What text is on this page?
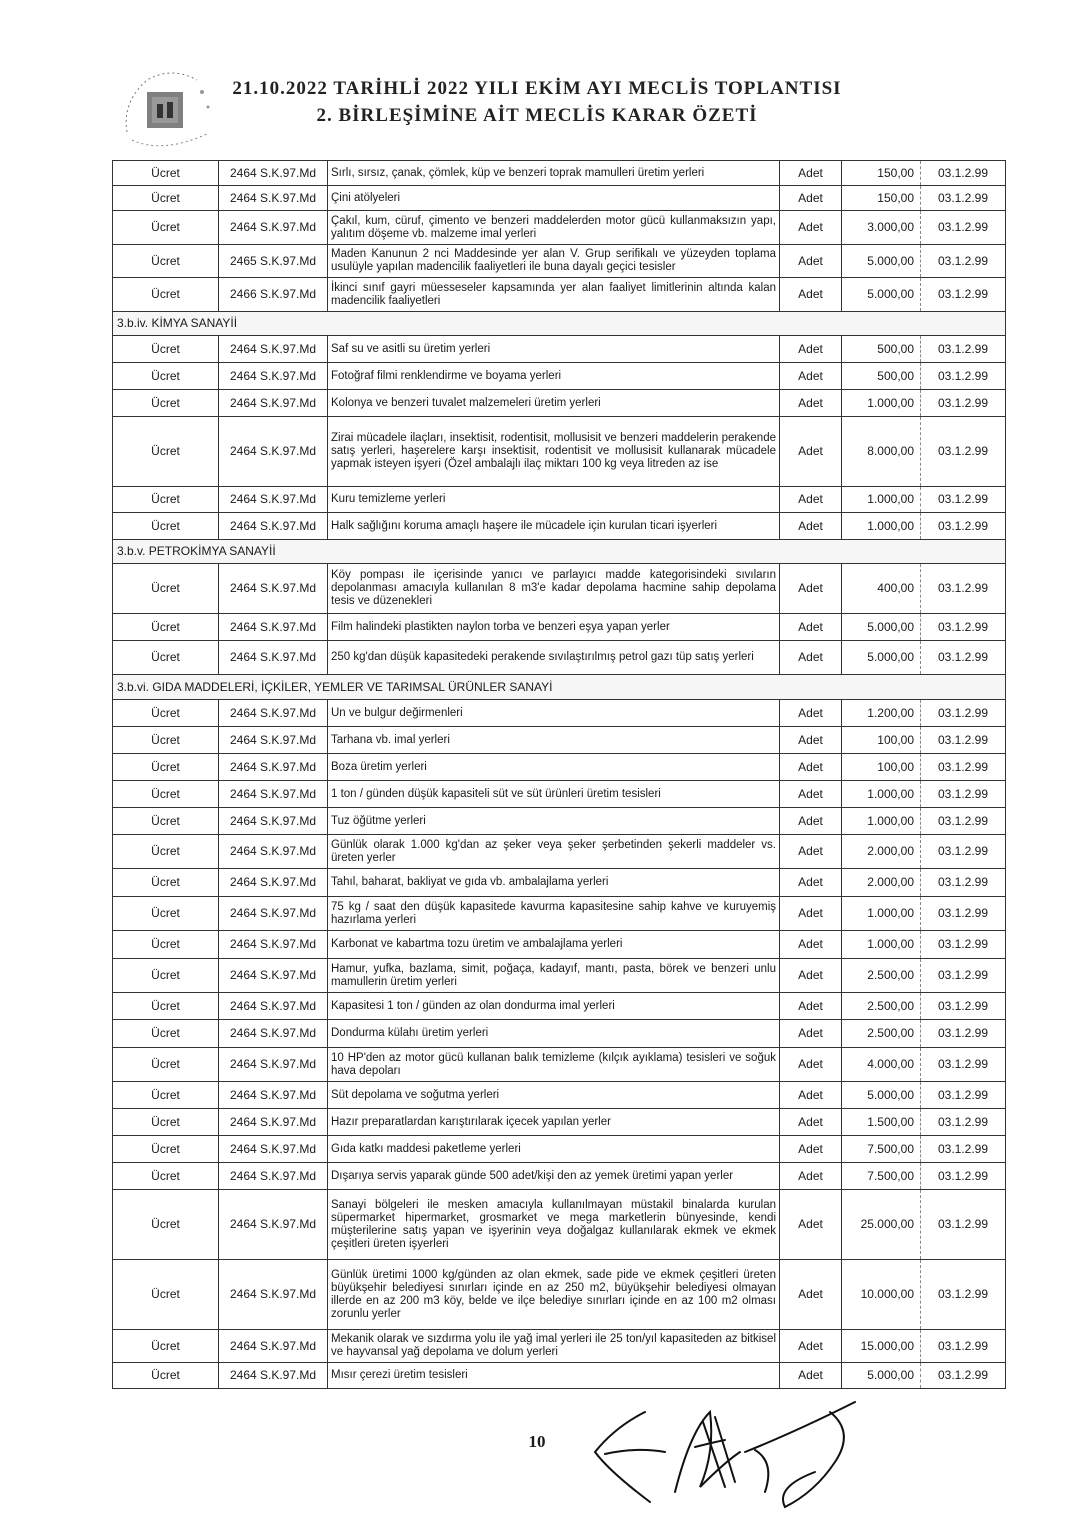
21.10.2022 TARİHLİ 2022 YILI EKİM AYI MECLİS TOPLANTISI
2. BİRLEŞİMİNE AİT MECLİS KARAR ÖZETİ
Ücret	2464 S.K.97.Md	Sırlı, sırsız, çanak, çömlek, küp ve benzeri toprak mamulleri üretim yerleri	Adet	150,00	03.1.2.99
Ücret	2464 S.K.97.Md	Çini atölyeleri	Adet	150,00	03.1.2.99
Ücret	2464 S.K.97.Md	Çakıl, kum, cüruf, çimento ve benzeri maddelerden motor gücü kullanmaksızın yapı, yalıtım döşeme vb. malzeme imal yerleri	Adet	3.000,00	03.1.2.99
Ücret	2465 S.K.97.Md	Maden Kanunun 2 nci Maddesinde yer alan V. Grup serifikalı ve yüzeyden toplama usulüyle yapılan madencilik faaliyetleri ile buna dayalı geçici tesisler	Adet	5.000,00	03.1.2.99
Ücret	2466 S.K.97.Md	İkinci sınıf gayri müesseseler kapsamında yer alan faaliyet limitlerinin altında kalan madencilik faaliyetleri	Adet	5.000,00	03.1.2.99
3.b.iv. KİMYA SANAYİİ					
Ücret	2464 S.K.97.Md	Saf su ve asitli su üretim yerleri	Adet	500,00	03.1.2.99
Ücret	2464 S.K.97.Md	Fotoğraf filmi renklendirme ve boyama yerleri	Adet	500,00	03.1.2.99
Ücret	2464 S.K.97.Md	Kolonya ve benzeri tuvalet malzemeleri üretim yerleri	Adet	1.000,00	03.1.2.99
Ücret	2464 S.K.97.Md	Zirai mücadele ilaçları, insektisit, rodentisit, mollusisit ve benzeri maddelerin perakende satış yerleri, haşerelere karşı insektisit, rodentisit ve mollusisit kullanarak mücadele yapmak isteyen işyeri (Özel ambalajlı ilaç miktarı 100 kg veya litreden az ise	Adet	8.000,00	03.1.2.99
Ücret	2464 S.K.97.Md	Kuru temizleme yerleri	Adet	1.000,00	03.1.2.99
Ücret	2464 S.K.97.Md	Halk sağlığını koruma amaçlı haşere ile mücadele için kurulan ticari işyerleri	Adet	1.000,00	03.1.2.99
3.b.v. PETROKİMYA SANAYİİ					
Ücret	2464 S.K.97.Md	Köy pompası ile içerisinde yanıcı ve parlayıcı madde kategorisindeki sıvıların depolanması amacıyla kullanılan 8 m3'e kadar depolama hacmine sahip depolama tesis ve düzenekleri	Adet	400,00	03.1.2.99
Ücret	2464 S.K.97.Md	Film halindeki plastikten naylon torba ve benzeri eşya yapan yerler	Adet	5.000,00	03.1.2.99
Ücret	2464 S.K.97.Md	250 kg'dan düşük kapasitedeki perakende sıvılaştırılmış petrol gazı tüp satış yerleri	Adet	5.000,00	03.1.2.99
3.b.vi. GIDA MADDELERİ, İÇKİLER, YEMLER VE TARIMSAL ÜRÜNLER SANAYİ					
Ücret	2464 S.K.97.Md	Un ve bulgur değirmenleri	Adet	1.200,00	03.1.2.99
Ücret	2464 S.K.97.Md	Tarhana vb. imal yerleri	Adet	100,00	03.1.2.99
Ücret	2464 S.K.97.Md	Boza üretim yerleri	Adet	100,00	03.1.2.99
Ücret	2464 S.K.97.Md	1 ton / günden düşük kapasiteli süt ve süt ürünleri üretim tesisleri	Adet	1.000,00	03.1.2.99
Ücret	2464 S.K.97.Md	Tuz öğütme yerleri	Adet	1.000,00	03.1.2.99
Ücret	2464 S.K.97.Md	Günlük olarak 1.000 kg'dan az şeker veya şeker şerbetinden şekerli maddeler vs. üreten yerler	Adet	2.000,00	03.1.2.99
Ücret	2464 S.K.97.Md	Tahıl, baharat, bakliyat ve gıda vb. ambalajlama yerleri	Adet	2.000,00	03.1.2.99
Ücret	2464 S.K.97.Md	75 kg / saat den düşük kapasitede kavurma kapasitesine sahip kahve ve kuruyemiş hazırlama yerleri	Adet	1.000,00	03.1.2.99
Ücret	2464 S.K.97.Md	Karbonat ve kabartma tozu üretim ve ambalajlama yerleri	Adet	1.000,00	03.1.2.99
Ücret	2464 S.K.97.Md	Hamur, yufka, bazlama, simit, poğaça, kadayıf, mantı, pasta, börek ve benzeri unlu mamullerin üretim yerleri	Adet	2.500,00	03.1.2.99
Ücret	2464 S.K.97.Md	Kapasitesi 1 ton / günden az olan dondurma imal yerleri	Adet	2.500,00	03.1.2.99
Ücret	2464 S.K.97.Md	Dondurma külahı üretim yerleri	Adet	2.500,00	03.1.2.99
Ücret	2464 S.K.97.Md	10 HP'den az motor gücü kullanan balık temizleme (kılçık ayıklama) tesisleri ve soğuk hava depoları	Adet	4.000,00	03.1.2.99
Ücret	2464 S.K.97.Md	Süt depolama ve soğutma yerleri	Adet	5.000,00	03.1.2.99
Ücret	2464 S.K.97.Md	Hazır preparatlardan karıştırılarak içecek yapılan yerler	Adet	1.500,00	03.1.2.99
Ücret	2464 S.K.97.Md	Gıda katkı maddesi paketleme yerleri	Adet	7.500,00	03.1.2.99
Ücret	2464 S.K.97.Md	Dışarıya servis yaparak günde 500 adet/kişi den az yemek üretimi yapan yerler	Adet	7.500,00	03.1.2.99
Ücret	2464 S.K.97.Md	Sanayi bölgeleri ile mesken amacıyla kullanılmayan müstakil binalarda kurulan süpermarket hipermarket, grosmarket ve mega marketlerin bünyesinde, kendi müşterilerine satış yapan ve işyerinin veya doğalgaz kullanılarak ekmek ve ekmek çeşitleri üreten işyerleri	Adet	25.000,00	03.1.2.99
Ücret	2464 S.K.97.Md	Günlük üretimi 1000 kg/günden az olan ekmek, sade pide ve ekmek çeşitleri üreten büyükşehir belediyesi sınırları içinde en az 250 m2, büyükşehir belediyesi olmayan illerde en az 200 m3 köy, belde ve ilçe belediye sınırları içinde en az 100 m2 olması zorunlu yerler	Adet	10.000,00	03.1.2.99
Ücret	2464 S.K.97.Md	Mekanik olarak ve sızdırma yolu ile yağ imal yerleri ile 25 ton/yıl kapasiteden az bitkisel ve hayvansal yağ depolama ve dolum yerleri	Adet	15.000,00	03.1.2.99
Ücret	2464 S.K.97.Md	Mısır çerezi üretim tesisleri	Adet	5.000,00	03.1.2.99
10
